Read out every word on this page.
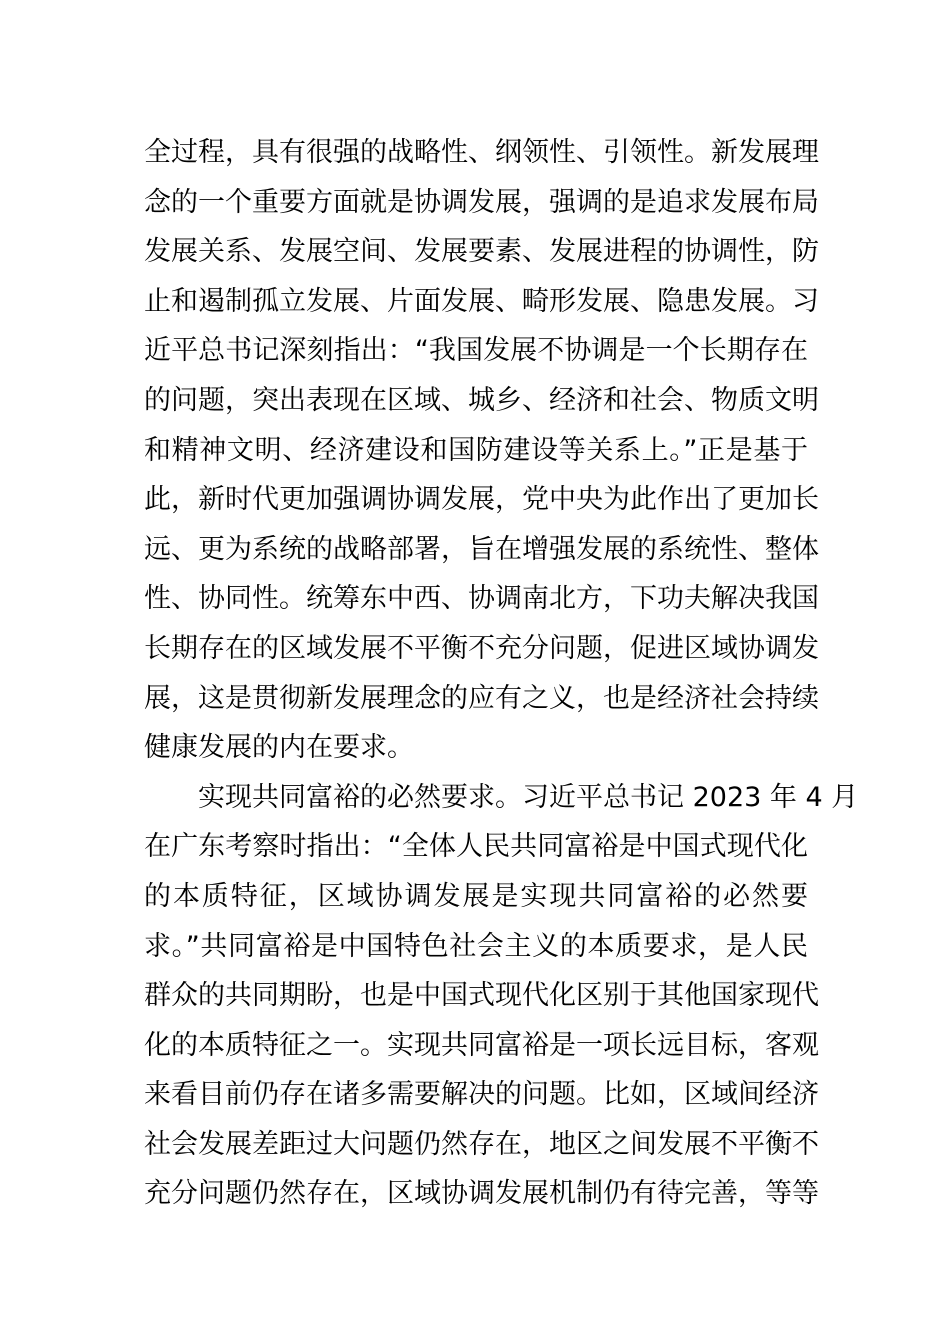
全过程，具有很强的战略性、纲领性、引领性。新发展理
念的一个重要方面就是协调发展，强调的是追求发展布局
发展关系、发展空间、发展要素、发展进程的协调性，防
止和遏制孤立发展、片面发展、畸形发展、隐患发展。习
近平总书记深刻指出：“我国发展不协调是一个长期存在
的问题，突出表现在区域、城乡、经济和社会、物质文明
和精神文明、经济建设和国防建设等关系上。”正是基于
此，新时代更加强调协调发展，党中央为此作出了更加长
远、更为系统的战略部署，旨在增强发展的系统性、整体
性、协同性。统筹东中西、协调南北方，下功夫解决我国
长期存在的区域发展不平衡不充分问题，促进区域协调发
展，这是贯彻新发展理念的应有之义，也是经济社会持续
健康发展的内在要求。
实现共同富裕的必然要求。习近平总书记 2023 年 4 月
在广东考察时指出：“全体人民共同富裕是中国式现代化
的本质特征，区域协调发展是实现共同富裕的必然要
求。”共同富裕是中国特色社会主义的本质要求，是人民
群众的共同期盼，也是中国式现代化区别于其他国家现代
化的本质特征之一。实现共同富裕是一项长远目标，客观
来看目前仍存在诸多需要解决的问题。比如，区域间经济
社会发展差距过大问题仍然存在，地区之间发展不平衡不
充分问题仍然存在，区域协调发展机制仍有待完善，等等
